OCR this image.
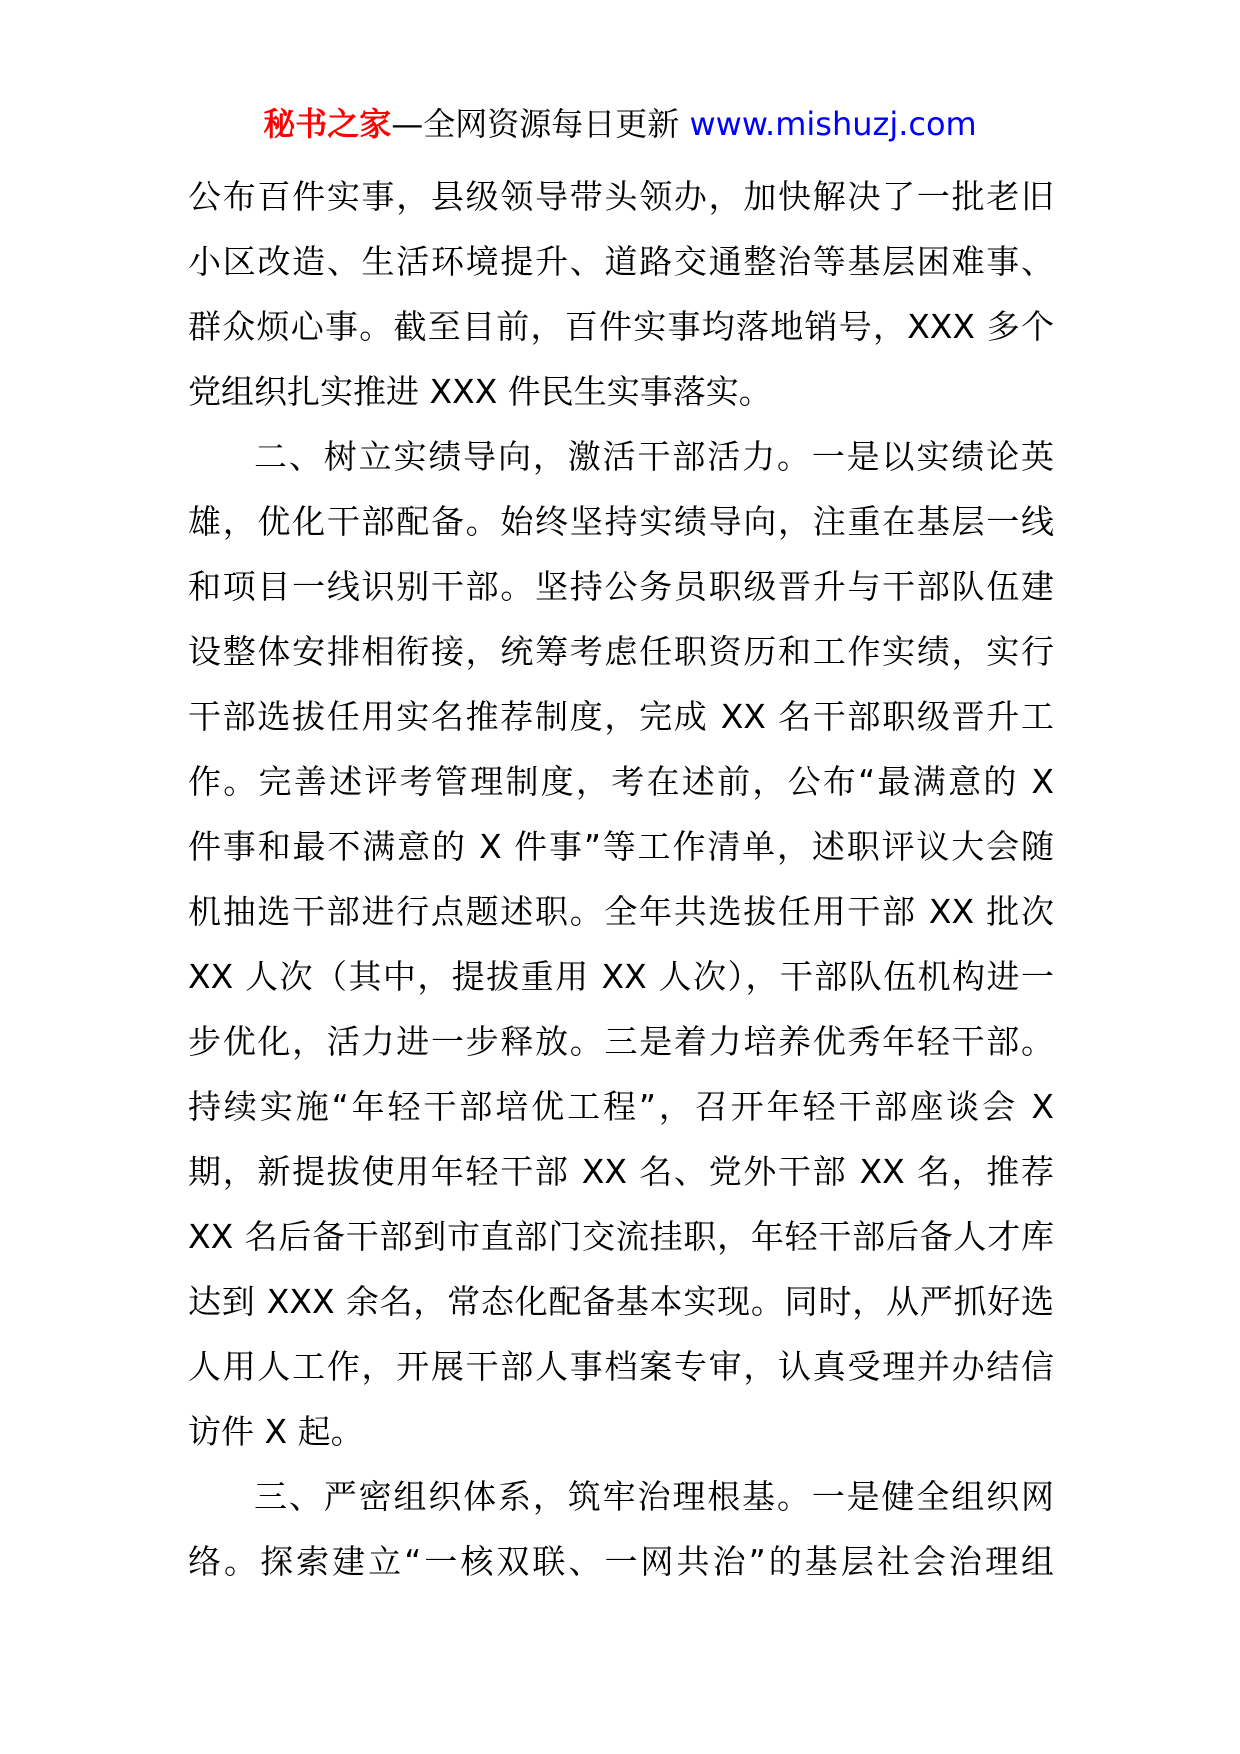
秘书之家—全网资源每日更新 www.mishuzj.com
公布百件实事，县级领导带头领办，加快解决了一批老旧
小区改造、生活环境提升、道路交通整治等基层困难事、
群众烦心事。截至目前，百件实事均落地销号，XXX 多个
党组织扎实推进 XXX 件民生实事落实。
二、树立实绩导向，激活干部活力。一是以实绩论英
雄，优化干部配备。始终坚持实绩导向，注重在基层一线
和项目一线识别干部。坚持公务员职级晋升与干部队伍建
设整体安排相衔接，统筹考虑任职资历和工作实绩，实行
干部选拔任用实名推荐制度，完成 XX 名干部职级晋升工
作。完善述评考管理制度，考在述前，公布“最满意的 X
件事和最不满意的 X 件事”等工作清单，述职评议大会随
机抽选干部进行点题述职。全年共选拔任用干部 XX 批次
XX 人次（其中，提拔重用 XX 人次），干部队伍机构进一
步优化，活力进一步释放。三是着力培养优秀年轻干部。
持续实施“年轻干部培优工程”，召开年轻干部座谈会 X
期，新提拔使用年轻干部 XX 名、党外干部 XX 名，推荐
XX 名后备干部到市直部门交流挂职，年轻干部后备人才库
达到 XXX 余名，常态化配备基本实现。同时，从严抓好选
人用人工作，开展干部人事档案专审，认真受理并办结信
访件 X 起。
三、严密组织体系，筑牢治理根基。一是健全组织网
络。探索建立“一核双联、一网共治”的基层社会治理组
